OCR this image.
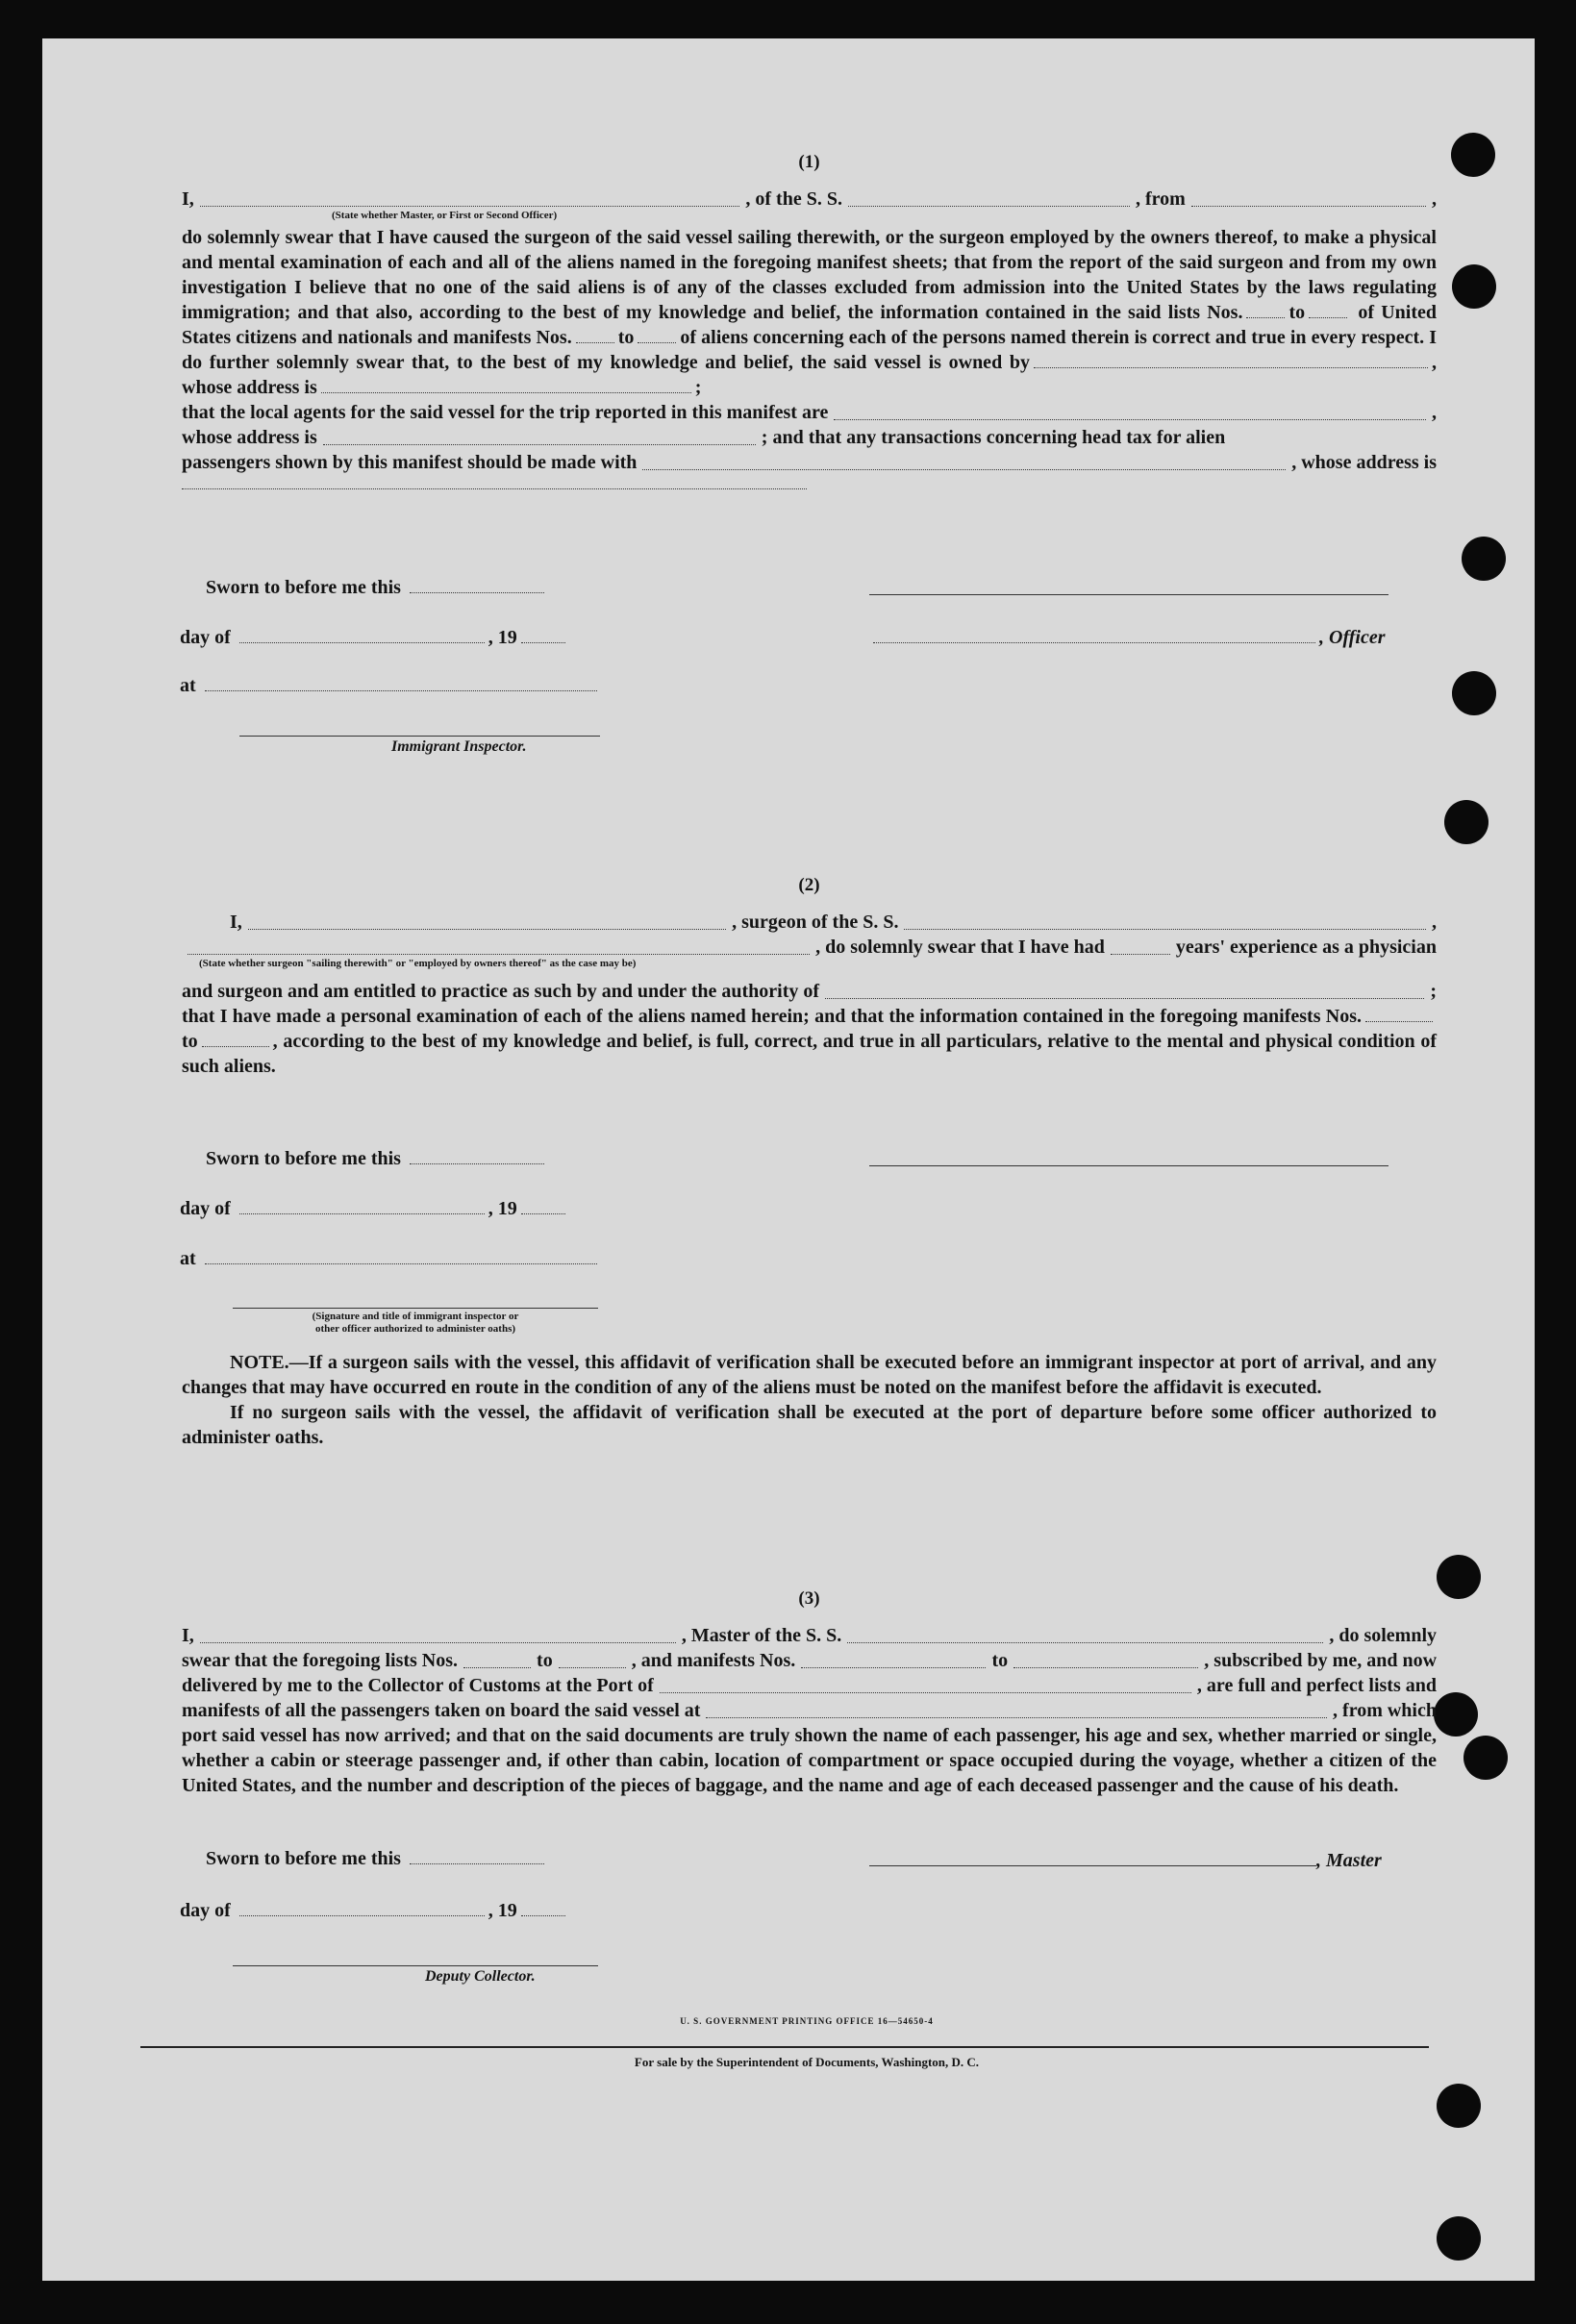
(1)

I,	, of the S. S.	, from	,
(State whether Master, or First or Second Officer)

do solemnly swear that I have caused the surgeon of the said vessel sailing therewith, or the surgeon employed by the owners thereof, to make a physical and mental examination of each and all of the aliens named in the foregoing manifest sheets; that from the report of the said surgeon and from my own investigation I believe that no one of the said aliens is of any of the classes excluded from admission into the United States by the laws regulating immigration; and that also, according to the best of my knowledge and belief, the information contained in the said lists Nos. to	of United States citizens and nationals and manifests Nos. to of aliens concerning each of the persons named therein is correct and true in every respect. I do further solemnly swear that, to the best of my knowledge and belief, the said vessel is owned by	, whose address is	;

that the local agents for the said vessel for the trip reported in this manifest are	,
whose address is	; and that any transactions concerning head tax for alien
passengers shown by this manifest should be made with	, whose address is
Sworn to before me this
day of	, 19
at
, Officer
Immigrant Inspector.

(2)

I,	, surgeon of the S. S.	,
, do solemnly swear that I have had	years' experience as a physician
(State whether surgeon "sailing therewith" or "employed by owners thereof" as the case may be)
and surgeon and am entitled to practice as such by and under the authority of	;

that I have made a personal examination of each of the aliens named herein; and that the information contained in the foregoing manifests Nos.to	, according to the best of my knowledge and belief, is full, correct, and true in all particulars, relative to the mental and physical condition of such aliens.

Sworn to before me this
day of	, 19
at
(Signature and title of immigrant inspector or
other officer authorized to administer oaths)

NOTE.—If a surgeon sails with the vessel, this affidavit of verification shall be executed before an immigrant inspector at port of arrival, and any changes that may have occurred en route in the condition of any of the aliens must be noted on the manifest before the affidavit is executed.

If no surgeon sails with the vessel, the affidavit of verification shall be executed at the port of departure before some officer authorized to administer oaths.

(3)

I,	, Master of the S. S.	, do solemnly
swear that the foregoing lists Nos.	to	, and manifests Nos.	to	, subscribed by me, and now
delivered by me to the Collector of Customs at the Port of	, are full and perfect lists and
manifests of all the passengers taken on board the said vessel at	, from which

port said vessel has now arrived; and that on the said documents are truly shown the name of each passenger, his age and sex, whether married or single, whether a cabin or steerage passenger and, if other than cabin, location of compartment or space occupied during the voyage, whether a citizen of the United States, and the number and description of the pieces of baggage, and the name and age of each deceased passenger and the cause of his death.

Sworn to before me this	, Master
day of	, 19
Deputy Collector.
U. S. GOVERNMENT PRINTING OFFICE 16—54650-4
For sale by the Superintendent of Documents, Washington, D. C.
